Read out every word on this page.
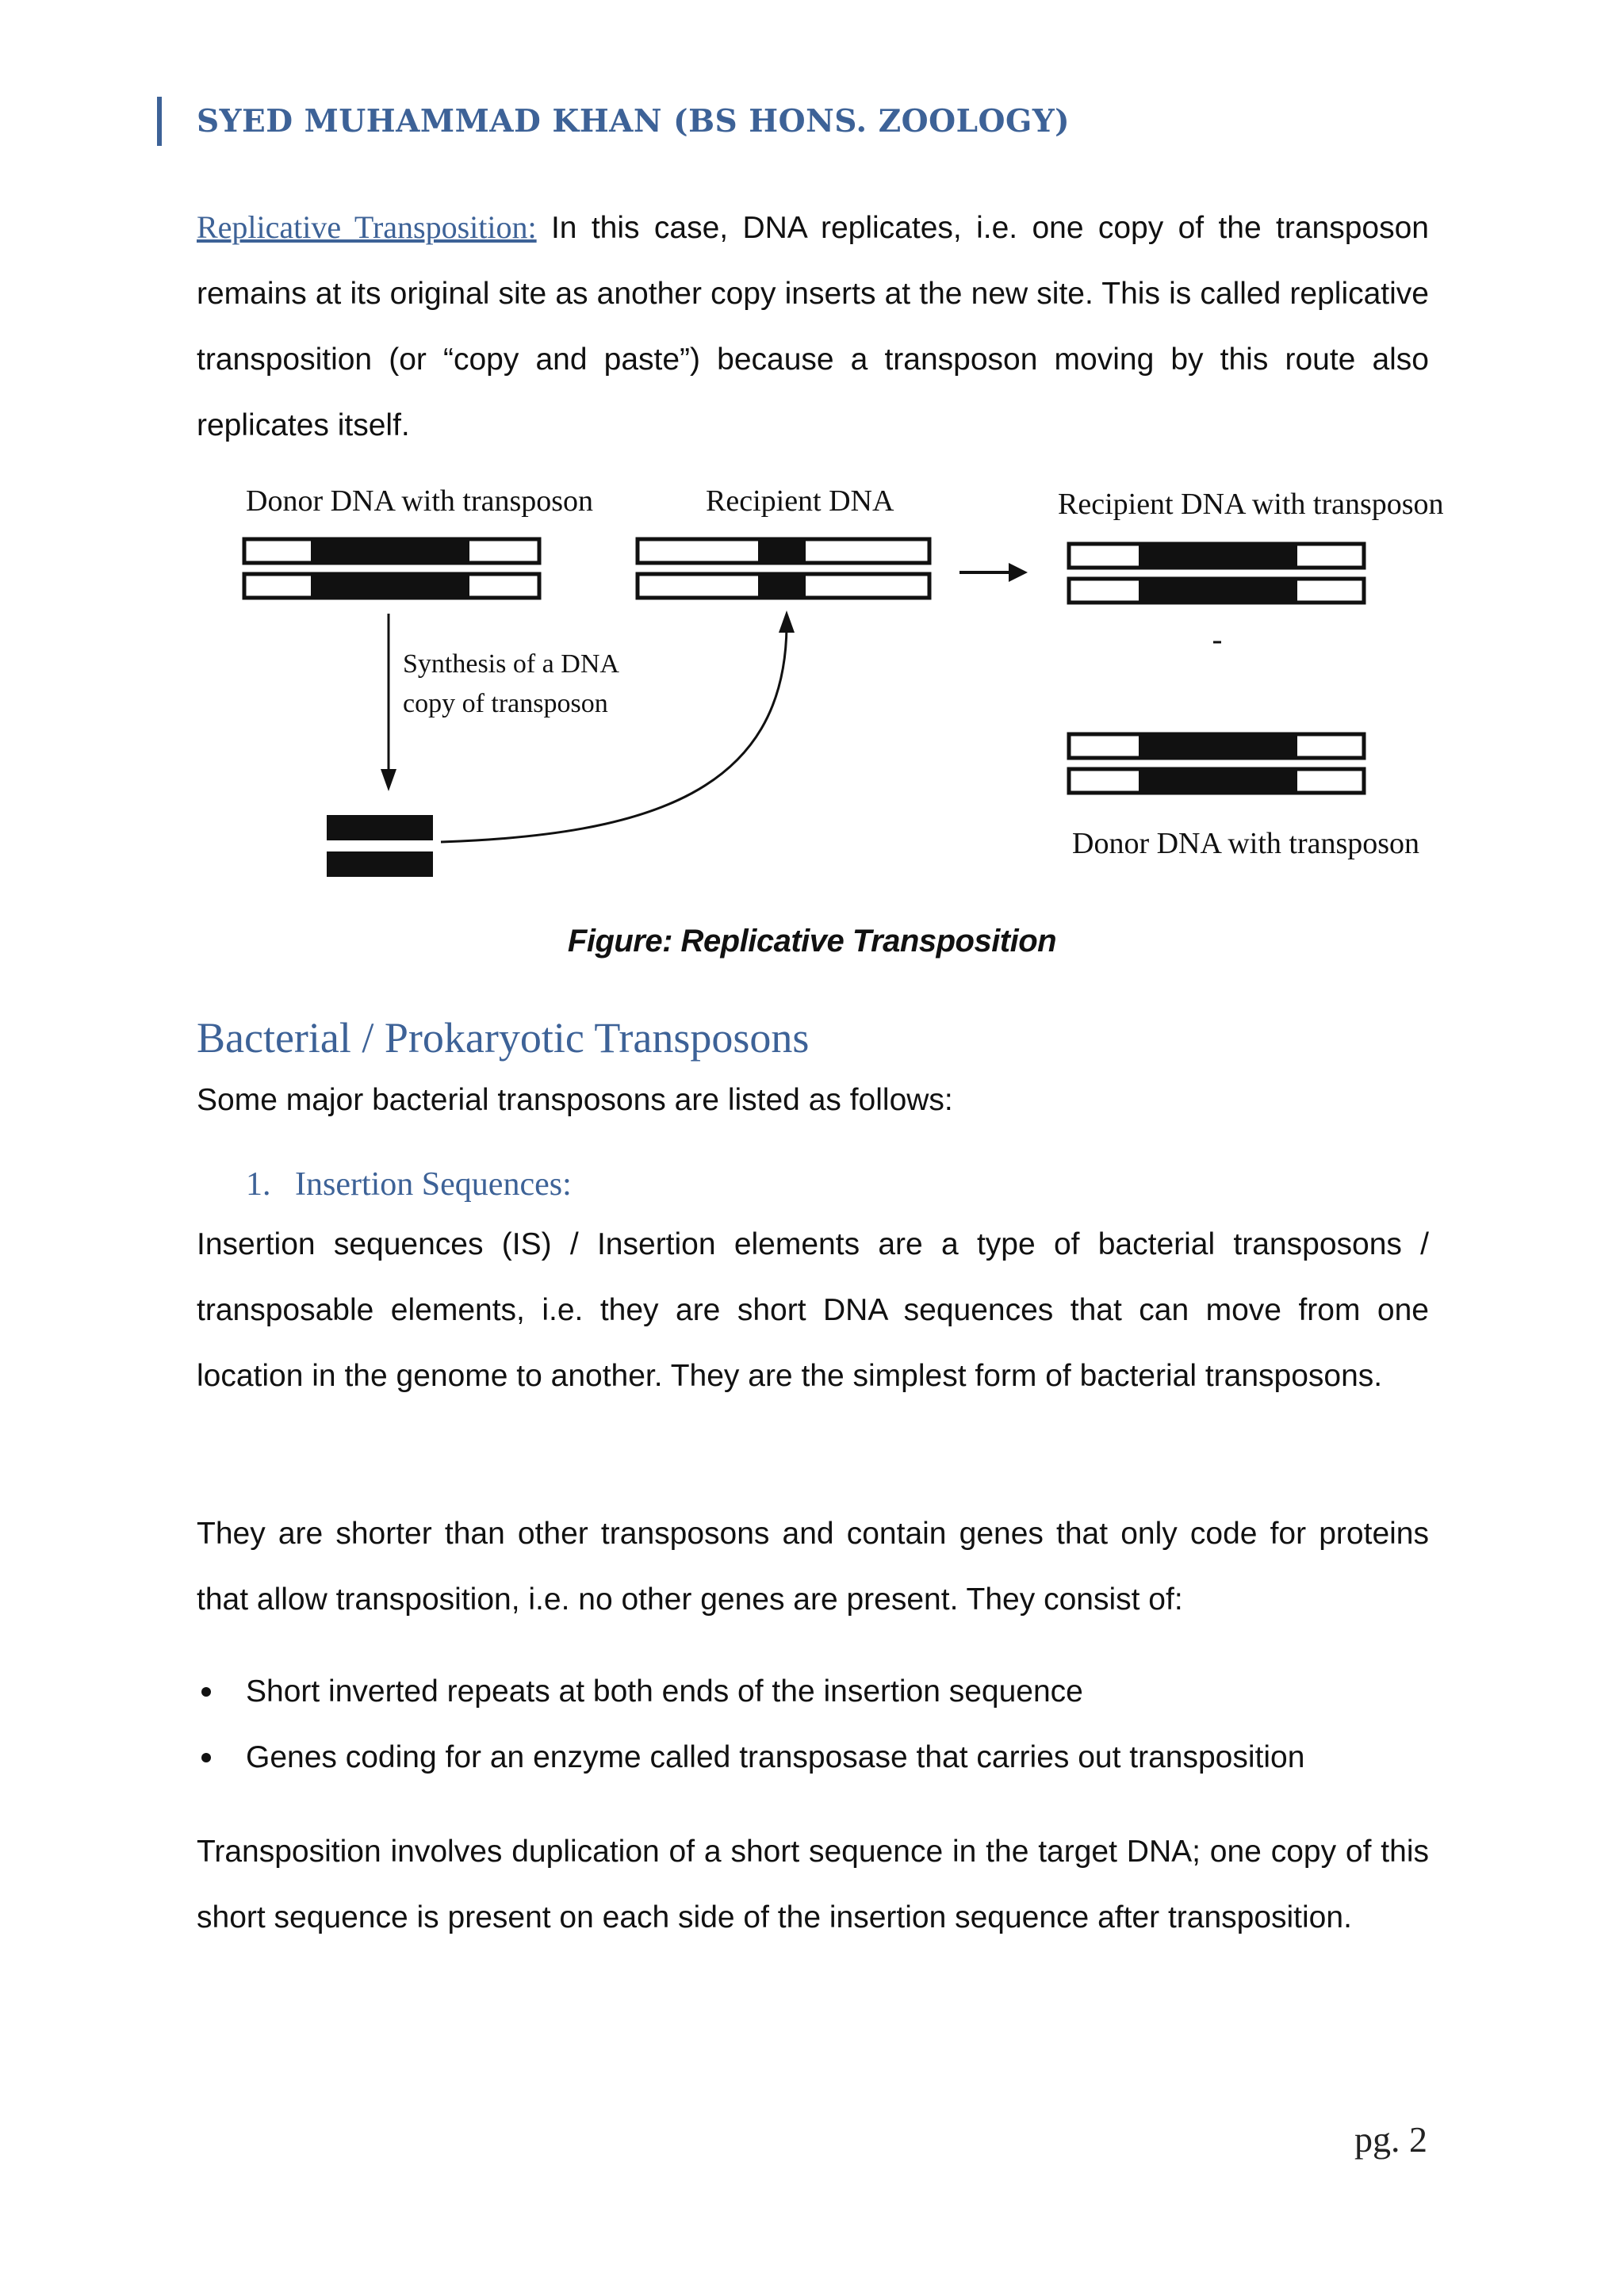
SYED MUHAMMAD KHAN (BS HONS. ZOOLOGY)

Replicative Transposition: In this case, DNA replicates, i.e. one copy of the transposon remains at its original site as another copy inserts at the new site. This is called replicative transposition (or “copy and paste”) because a transposon moving by this route also replicates itself.

Donor DNA with transposon
Synthesis of a DNA
copy of transposon
Recipient DNA	Recipient DNA with transposon
Donor DNA with transposon
Figure: Replicative Transposition
Bacterial / Prokaryotic Transposons
Some major bacterial transposons are listed as follows:
1. Insertion Sequences:

Insertion sequences (IS) / Insertion elements are a type of bacterial transposons / transposable elements, i.e. they are short DNA sequences that can move from one location in the genome to another. They are the simplest form of bacterial transposons.

They are shorter than other transposons and contain genes that only code for proteins that allow transposition, i.e. no other genes are present. They consist of:

Short inverted repeats at both ends of the insertion sequence
Genes coding for an enzyme called transposase that carries out transposition

Transposition involves duplication of a short sequence in the target DNA; one copy of this short sequence is present on each side of the insertion sequence after transposition.

pg. 2
